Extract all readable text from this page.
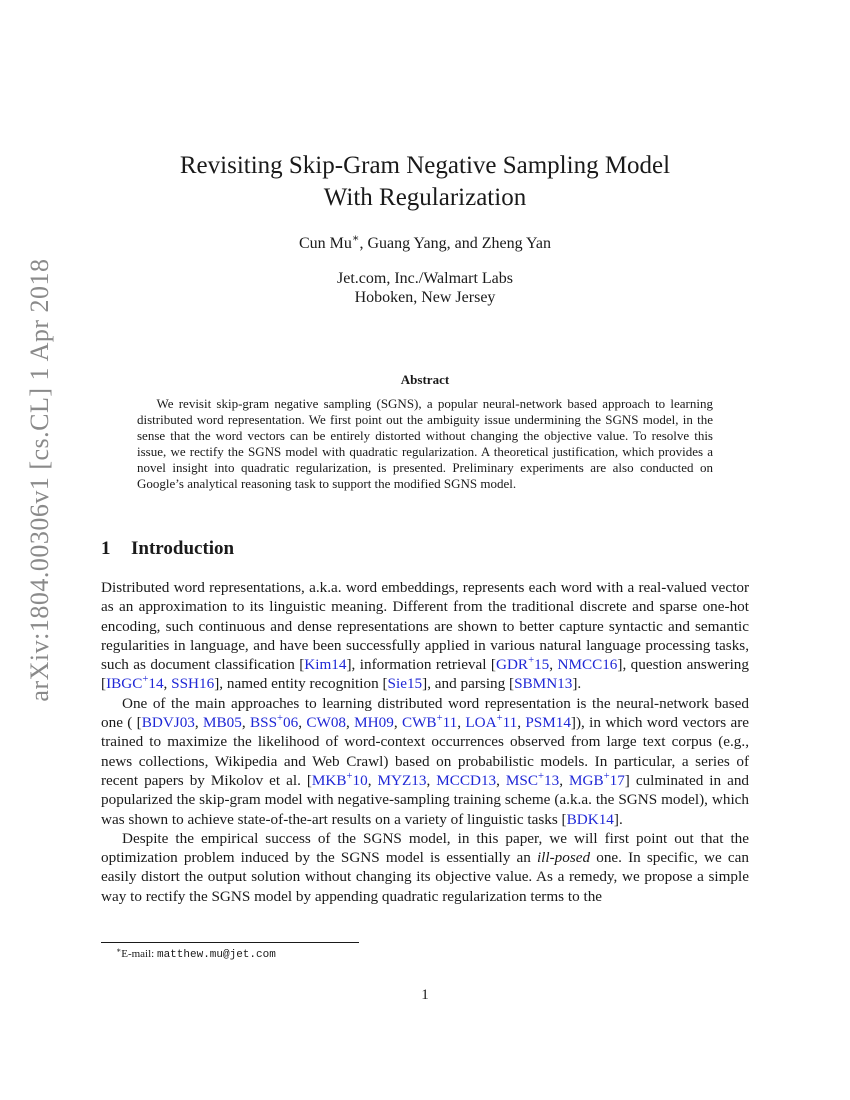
arXiv:1804.00306v1 [cs.CL] 1 Apr 2018
Revisiting Skip-Gram Negative Sampling Model
With Regularization
Cun Mu∗, Guang Yang, and Zheng Yan
Jet.com, Inc./Walmart Labs
Hoboken, New Jersey
Abstract

We revisit skip-gram negative sampling (SGNS), a popular neural-network based approach to learning distributed word representation. We first point out the ambiguity issue undermining the SGNS model, in the sense that the word vectors can be entirely distorted without changing the objective value. To resolve this issue, we rectify the SGNS model with quadratic regularization. A theoretical justification, which provides a novel insight into quadratic regularization, is presented. Preliminary experiments are also conducted on Google’s analytical reasoning task to support the modified SGNS model.

1 Introduction

Distributed word representations, a.k.a. word embeddings, represents each word with a real-valued vector as an approximation to its linguistic meaning. Different from the traditional discrete and sparse one-hot encoding, such continuous and dense representations are shown to better capture syntactic and semantic regularities in language, and have been successfully applied in various natural language processing tasks, such as document classification [Kim14], information retrieval [GDR+15, NMCC16], question answering [IBGC+14, SSH16], named entity recognition [Sie15], and parsing [SBMN13].

One of the main approaches to learning distributed word representation is the neural-network based one ( [BDVJ03, MB05, BSS+06, CW08, MH09, CWB+11, LOA+11, PSM14]), in which word vectors are trained to maximize the likelihood of word-context occurrences observed from large text corpus (e.g., news collections, Wikipedia and Web Crawl) based on probabilistic models. In particular, a series of recent papers by Mikolov et al. [MKB+10, MYZ13, MCCD13, MSC+13, MGB+17] culminated in and popularized the skip-gram model with negative-sampling training scheme (a.k.a. the SGNS model), which was shown to achieve state-of-the-art results on a variety of linguistic tasks [BDK14].

Despite the empirical success of the SGNS model, in this paper, we will first point out that the optimization problem induced by the SGNS model is essentially an ill-posed one. In specific, we can easily distort the output solution without changing its objective value. As a remedy, we propose a simple way to rectify the SGNS model by appending quadratic regularization terms to the

∗E-mail: matthew.mu@jet.com
1
